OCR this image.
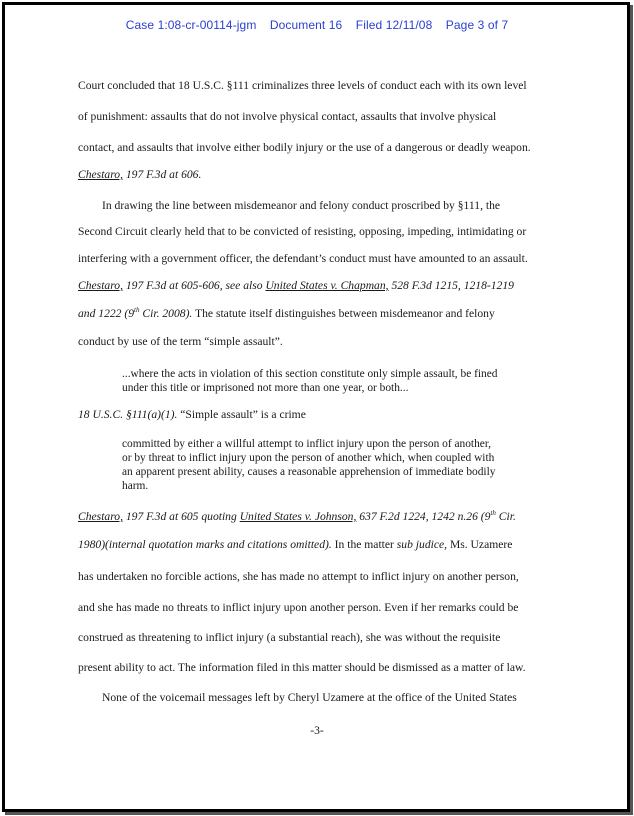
Case 1:08-cr-00114-jgm Document 16 Filed 12/11/08 Page 3 of 7
Court concluded that 18 U.S.C. §111 criminalizes three levels of conduct each with its own level
of punishment: assaults that do not involve physical contact, assaults that involve physical
contact, and assaults that involve either bodily injury or the use of a dangerous or deadly weapon.
Chestaro, 197 F.3d at 606.
In drawing the line between misdemeanor and felony conduct proscribed by §111, the
Second Circuit clearly held that to be convicted of resisting, opposing, impeding, intimidating or
interfering with a government officer, the defendant’s conduct must have amounted to an assault.
Chestaro, 197 F.3d at 605-606, see also United States v. Chapman, 528 F.3d 1215, 1218-1219
and 1222 (9th Cir. 2008). The statute itself distinguishes between misdemeanor and felony
conduct by use of the term “simple assault”.
...where the acts in violation of this section constitute only simple assault, be fined
under this title or imprisoned not more than one year, or both...
18 U.S.C. §111(a)(1). “Simple assault” is a crime
committed by either a willful attempt to inflict injury upon the person of another,
or by threat to inflict injury upon the person of another which, when coupled with
an apparent present ability, causes a reasonable apprehension of immediate bodily
harm.
Chestaro, 197 F.3d at 605 quoting United States v. Johnson, 637 F.2d 1224, 1242 n.26 (9th Cir.
1980)(internal quotation marks and citations omitted). In the matter sub judice, Ms. Uzamere
has undertaken no forcible actions, she has made no attempt to inflict injury on another person,
and she has made no threats to inflict injury upon another person. Even if her remarks could be
construed as threatening to inflict injury (a substantial reach), she was without the requisite
present ability to act. The information filed in this matter should be dismissed as a matter of law.
None of the voicemail messages left by Cheryl Uzamere at the office of the United States
-3-
